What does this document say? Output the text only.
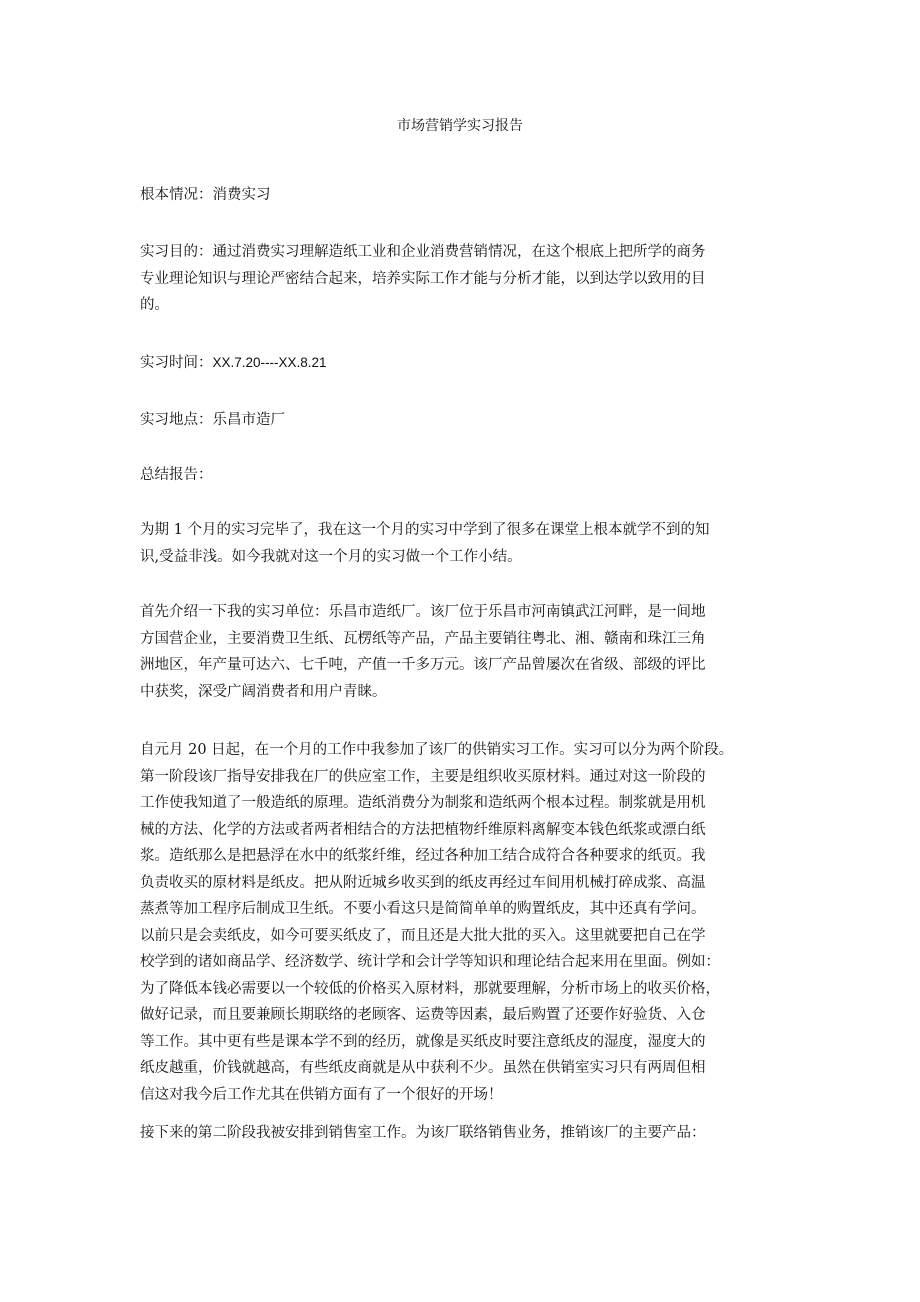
市场营销学实习报告
根本情况：消费实习
实习目的：通过消费实习理解造纸工业和企业消费营销情况，在这个根底上把所学的商务
专业理论知识与理论严密结合起来，培养实际工作才能与分析才能，以到达学以致用的目
的。
实习时间：XX.7.20----XX.8.21
实习地点：乐昌市造厂
总结报告：
为期 1 个月的实习完毕了，我在这一个月的实习中学到了很多在课堂上根本就学不到的知
识,受益非浅。如今我就对这一个月的实习做一个工作小结。
首先介绍一下我的实习单位：乐昌市造纸厂。该厂位于乐昌市河南镇武江河畔，是一间地
方国营企业，主要消费卫生纸、瓦楞纸等产品，产品主要销往粤北、湘、赣南和珠江三角
洲地区，年产量可达六、七千吨，产值一千多万元。该厂产品曾屡次在省级、部级的评比
中获奖，深受广阔消费者和用户青睐。
自元月 20 日起，在一个月的工作中我参加了该厂的供销实习工作。实习可以分为两个阶段。
第一阶段该厂指导安排我在厂的供应室工作，主要是组织收买原材料。通过对这一阶段的
工作使我知道了一般造纸的原理。造纸消费分为制浆和造纸两个根本过程。制浆就是用机
械的方法、化学的方法或者两者相结合的方法把植物纤维原料离解变本钱色纸浆或漂白纸
浆。造纸那么是把悬浮在水中的纸浆纤维，经过各种加工结合成符合各种要求的纸页。我
负责收买的原材料是纸皮。把从附近城乡收买到的纸皮再经过车间用机械打碎成浆、高温
蒸煮等加工程序后制成卫生纸。不要小看这只是简简单单的购置纸皮，其中还真有学问。
以前只是会卖纸皮，如今可要买纸皮了，而且还是大批大批的买入。这里就要把自己在学
校学到的诸如商品学、经济数学、统计学和会计学等知识和理论结合起来用在里面。例如：
为了降低本钱必需要以一个较低的价格买入原材料，那就要理解，分析市场上的收买价格，
做好记录，而且要兼顾长期联络的老顾客、运费等因素，最后购置了还要作好验货、入仓
等工作。其中更有些是课本学不到的经历，就像是买纸皮时要注意纸皮的湿度，湿度大的
纸皮越重，价钱就越高，有些纸皮商就是从中获利不少。虽然在供销室实习只有两周但相
信这对我今后工作尤其在供销方面有了一个很好的开场！
接下来的第二阶段我被安排到销售室工作。为该厂联络销售业务，推销该厂的主要产品：
